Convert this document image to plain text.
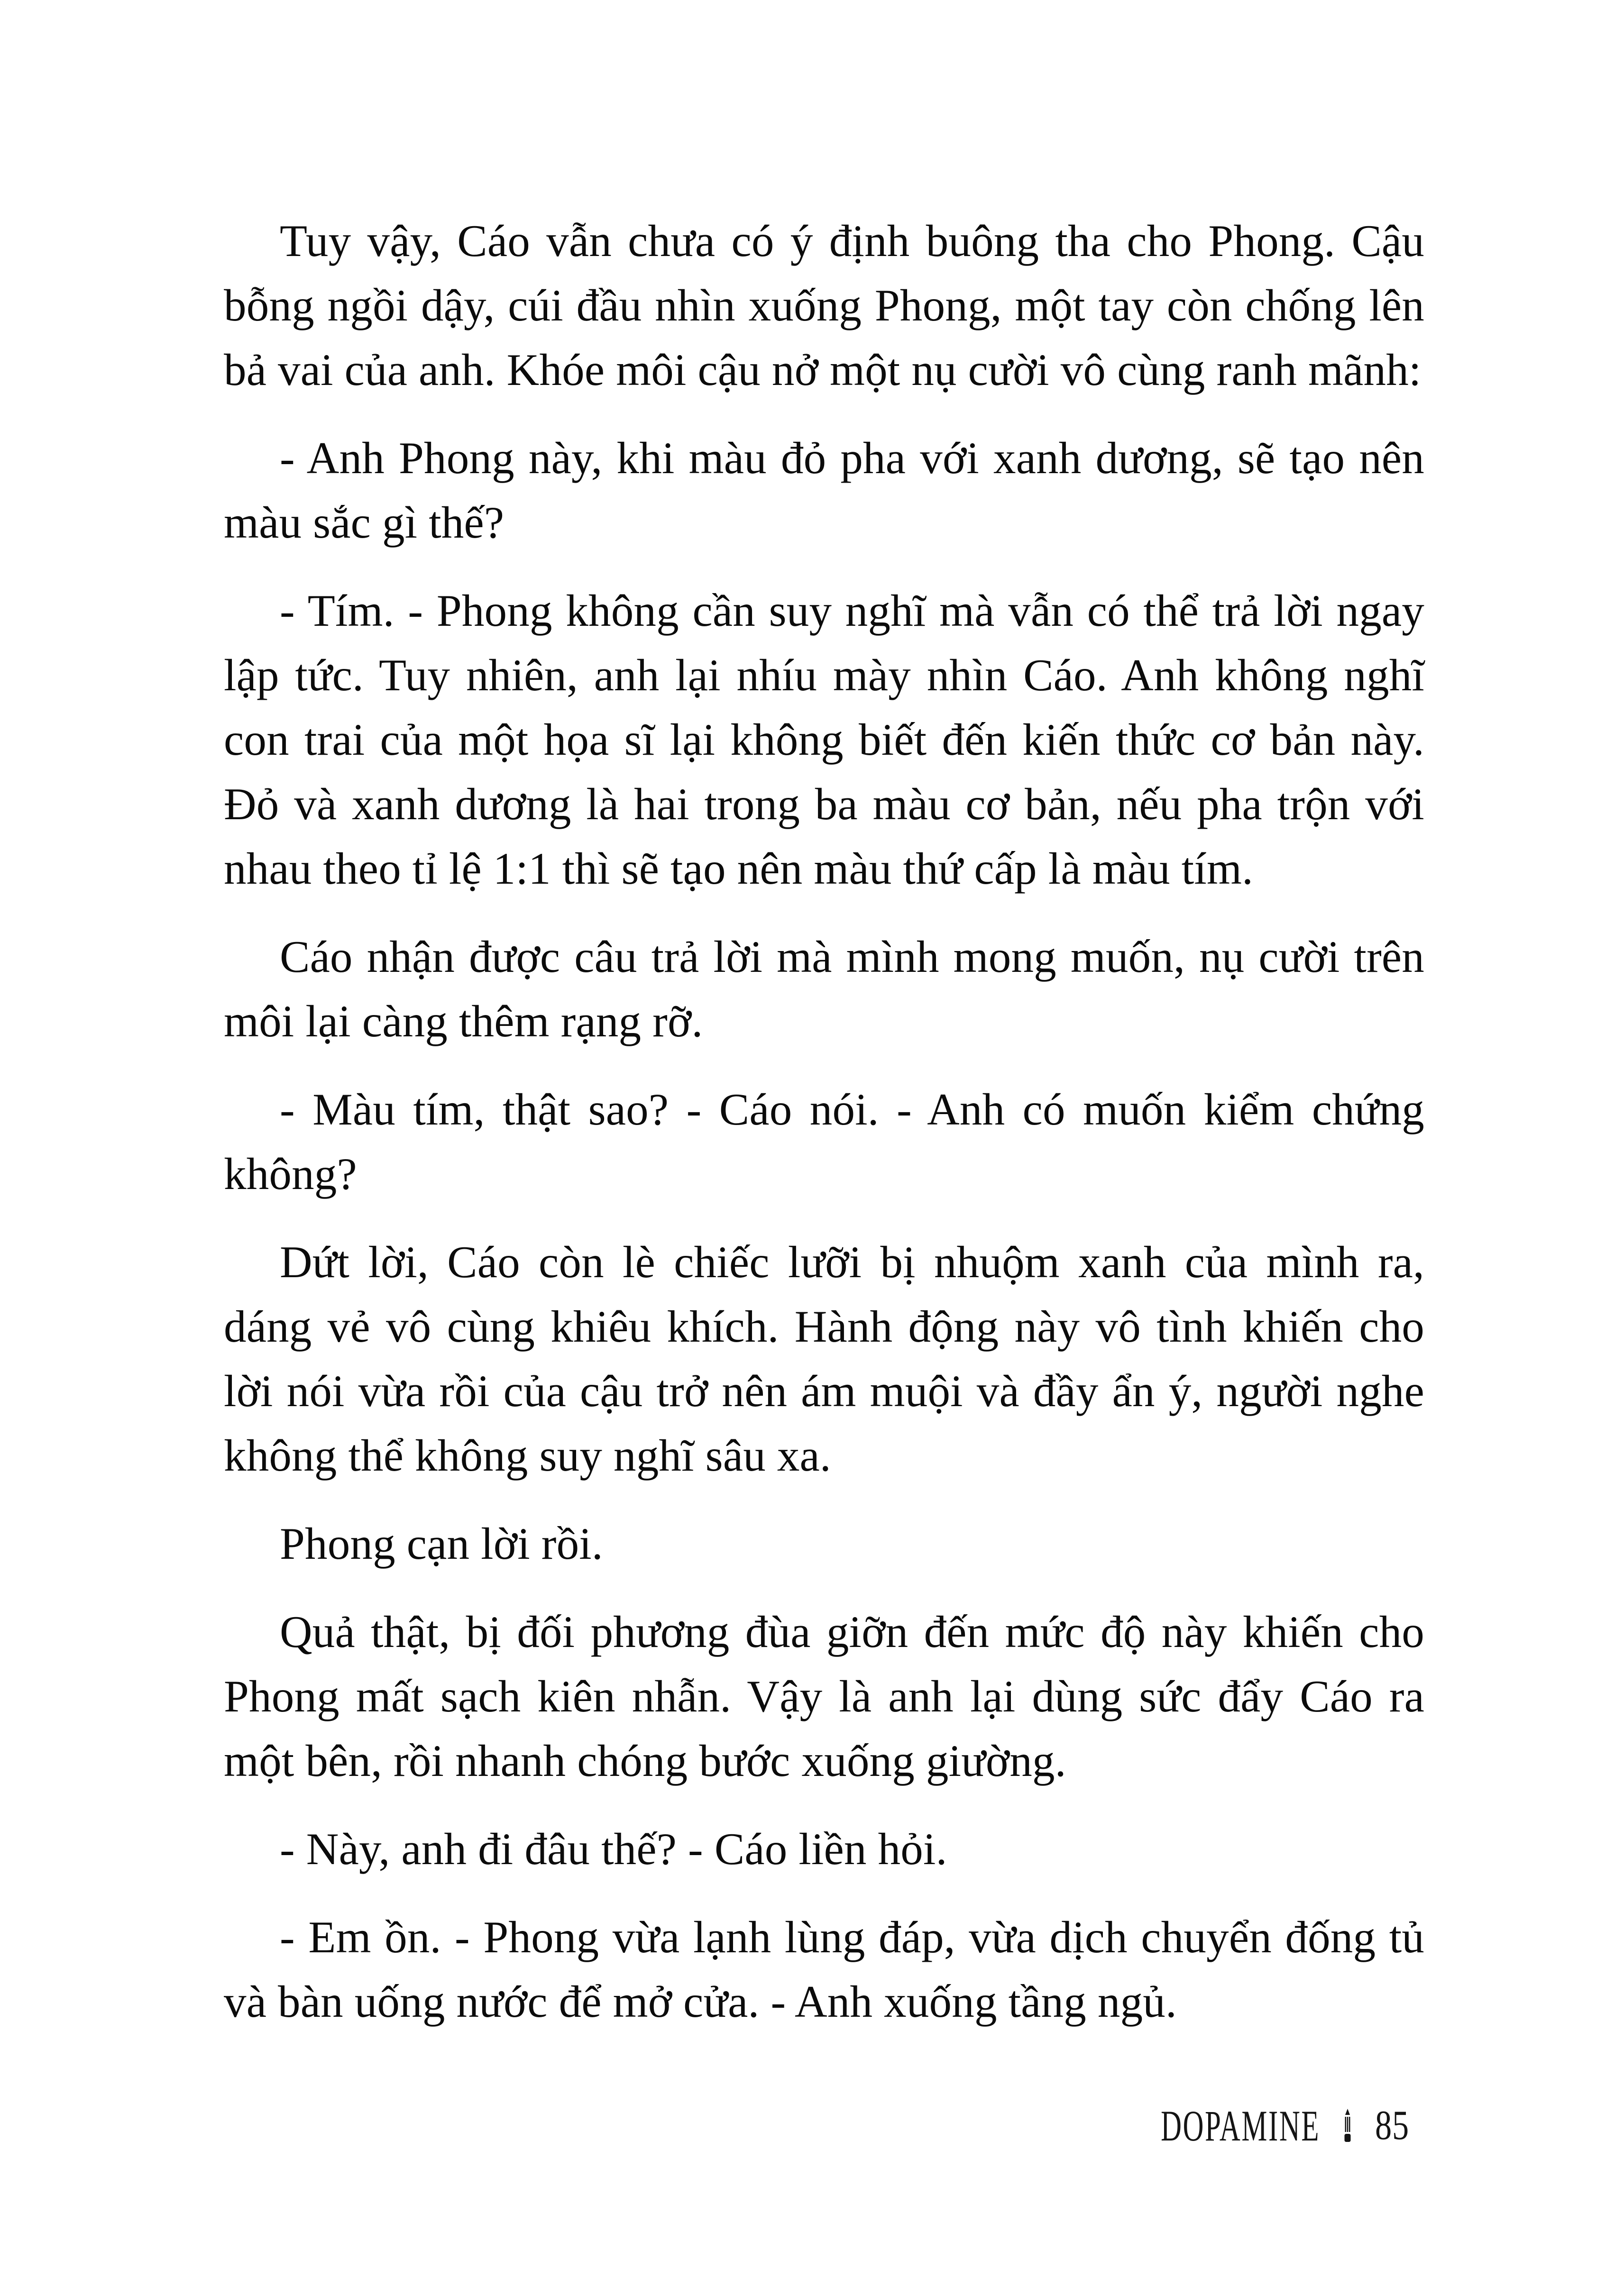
Tuy vậy, Cáo vẫn chưa có ý định buông tha cho Phong. Cậu bỗng ngồi dậy, cúi đầu nhìn xuống Phong, một tay còn chống lên bả vai của anh. Khóe môi cậu nở một nụ cười vô cùng ranh mãnh:

- Anh Phong này, khi màu đỏ pha với xanh dương, sẽ tạo nên màu sắc gì thế?

- Tím. - Phong không cần suy nghĩ mà vẫn có thể trả lời ngay lập tức. Tuy nhiên, anh lại nhíu mày nhìn Cáo. Anh không nghĩ con trai của một họa sĩ lại không biết đến kiến thức cơ bản này. Đỏ và xanh dương là hai trong ba màu cơ bản, nếu pha trộn với nhau theo tỉ lệ 1:1 thì sẽ tạo nên màu thứ cấp là màu tím.

Cáo nhận được câu trả lời mà mình mong muốn, nụ cười trên môi lại càng thêm rạng rỡ.

- Màu tím, thật sao? - Cáo nói. - Anh có muốn kiểm chứng không?

Dứt lời, Cáo còn lè chiếc lưỡi bị nhuộm xanh của mình ra, dáng vẻ vô cùng khiêu khích. Hành động này vô tình khiến cho lời nói vừa rồi của cậu trở nên ám muội và đầy ẩn ý, người nghe không thể không suy nghĩ sâu xa.

Phong cạn lời rồi.

Quả thật, bị đối phương đùa giỡn đến mức độ này khiến cho Phong mất sạch kiên nhẫn. Vậy là anh lại dùng sức đẩy Cáo ra một bên, rồi nhanh chóng bước xuống giường.

- Này, anh đi đâu thế? - Cáo liền hỏi.

- Em ồn. - Phong vừa lạnh lùng đáp, vừa dịch chuyển đống tủ và bàn uống nước để mở cửa. - Anh xuống tầng ngủ.

DOPAMINE 85
